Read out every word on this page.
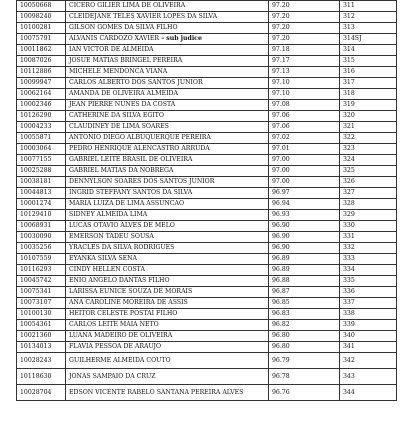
10050668	CICERO GILIER LIMA DE OLIVEIRA	97.20	311
10098240	CLEIDEJANE TELES XAVIER LOPES DA SILVA	97.20	312
10100281	GILSON GOMES DA SILVA FILHO	97.20	313
10075791	ALVANIS CARDOZO XAVIER – sub judice	97.20	314SJ
10011862	IAN VICTOR DE ALMEIDA	97.18	314
10087026	JOSUE MATIAS BRINGEL PEREIRA	97.17	315
10112886	MICHELE MENDONCA VIANA	97.13	316
10099947	CARLOS ALBERTO DOS SANTOS JUNIOR	97.10	317
10062164	AMANDA DE OLIVEIRA ALMEIDA	97.10	318
10002346	JEAN PIERRE NUNES DA COSTA	97.08	319
10126290	CATHERINE DA SILVA EGITO	97.06	320
10004233	CLAUDINEY DE LIMA SOARES	97.06	321
10055871	ANTONIO DIEGO ALBUQUERQUE PEREIRA	97.02	322
10003064	PEDRO HENRIQUE ALENCASTRO ARRUDA	97.01	323
10077155	GABRIEL LEITE BRASIL DE OLIVEIRA	97.00	324
10025288	GABRIEL MATIAS DA NOBREGA	97.00	325
10038181	DENNYLSON SOARES DOS SANTOS JUNIOR	97.00	326
10044813	INGRID STEFFANY SANTOS DA SILVA	96.97	327
10001274	MARIA LUIZA DE LIMA ASSUNCAO	96.94	328
10129410	SIDNEY ALMEIDA LIMA	96.93	329
10068931	LUCAS OTAVIO ALVES DE MELO	96.90	330
10030090	EMERSON TADEU SOUSA	96.90	331
10035256	YRACLES DA SILVA RODRIGUES	96.90	332
10107559	EYANKA SILVA SENA	96.89	333
10116293	CINDY HELLEN COSTA	96.89	334
10045742	ENIO ANGELO DANTAS FILHO	96.88	335
10075341	LARISSA EUNICE SOUZA DE MORAIS	96.87	336
10073107	ANA CAROLINE MOREIRA DE ASSIS	96.85	337
10100130	HEITOR CELESTE POSTAI FILHO	96.83	338
10054361	CARLOS LEITE MAIA NETO	96.82	339
10021360	LUANA MADEIRO DE OLIVEIRA	96.80	340
10134013	FLAVIA PESSOA DE ARAUJO	96.80	341
10028243	GUILHERME ALMEIDA COUTO	96.79	342
10118630	JONAS SAMPAIO DA CRUZ	96.78	343
10028704	EDSON VICENTE RABELO SANTANA PEREIRA ALVES	96.76	344
